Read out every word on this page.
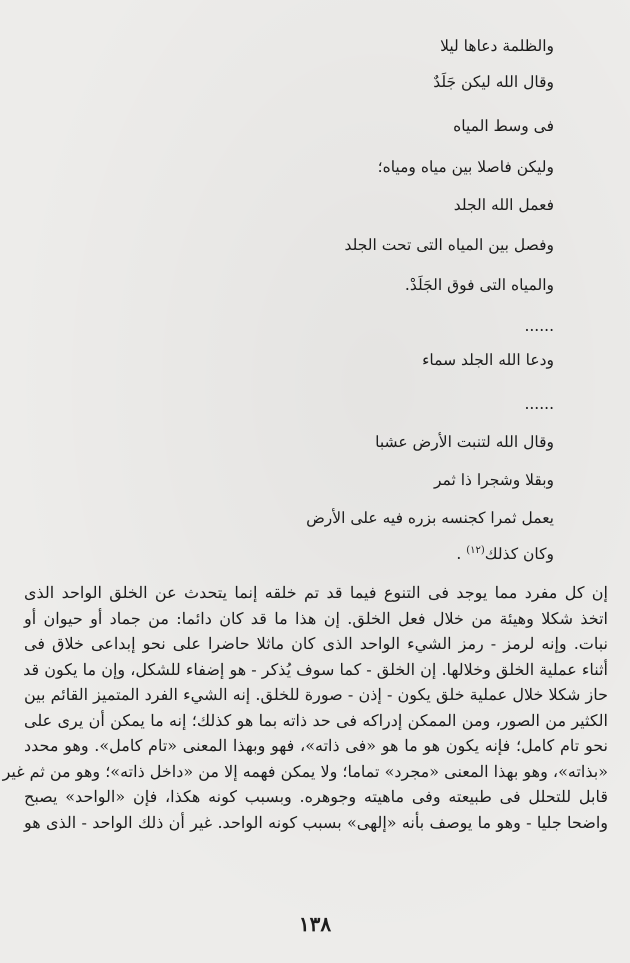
والظلمة دعاها ليلا
وقال الله ليكن جَلَدٌ
فى وسط المياه
وليكن فاصلا بين مياه ومياه؛
فعمل الله الجلد
وفصل بين المياه التى تحت الجلد
والمياه التى فوق الجَلَدْ.
......
ودعا الله الجلد سماء
......
وقال الله لتنبت الأرض عشبا
وبقلا وشجرا ذا ثمر
يعمل ثمرا كجنسه بزره فيه على الأرض
وكان كذلك$^{(١٢)}$ .

إن كل مفرد مما يوجد فى التنوع فيما قد تم خلقه إنما يتحدث عن الخلق الواحد الذى

اتخذ شكلا وهيئة من خلال فعل الخلق. إن هذا ما قد كان دائما: من جماد أو حيوان أو

نبات. وإنه لرمز - رمز الشيء الواحد الذى كان ماثلا حاضرا على نحو إبداعى خلاق فى

أثناء عملية الخلق وخلالها. إن الخلق - كما سوف يُذكر - هو إضفاء للشكل، وإن ما يكون قد

حاز شكلا خلال عملية خلق يكون - إذن - صورة للخلق. إنه الشيء الفرد المتميز القائم بين

الكثير من الصور، ومن الممكن إدراكه فى حد ذاته بما هو كذلك؛ إنه ما يمكن أن يرى على

نحو تام كامل؛ فإنه يكون هو ما هو «فى ذاته»، فهو وبهذا المعنى «تام كامل». وهو محدد

«بذاته»، وهو بهذا المعنى «مجرد» تماما؛ ولا يمكن فهمه إلا من «داخل ذاته»؛ وهو من ثم غير

قابل للتحلل فى طبيعته وفى ماهيته وجوهره. وبسبب كونه هكذا، فإن «الواحد» يصبح

واضحا جليا - وهو ما يوصف بأنه «إلهى» بسبب كونه الواحد. غير أن ذلك الواحد - الذى هو

١٣٨
